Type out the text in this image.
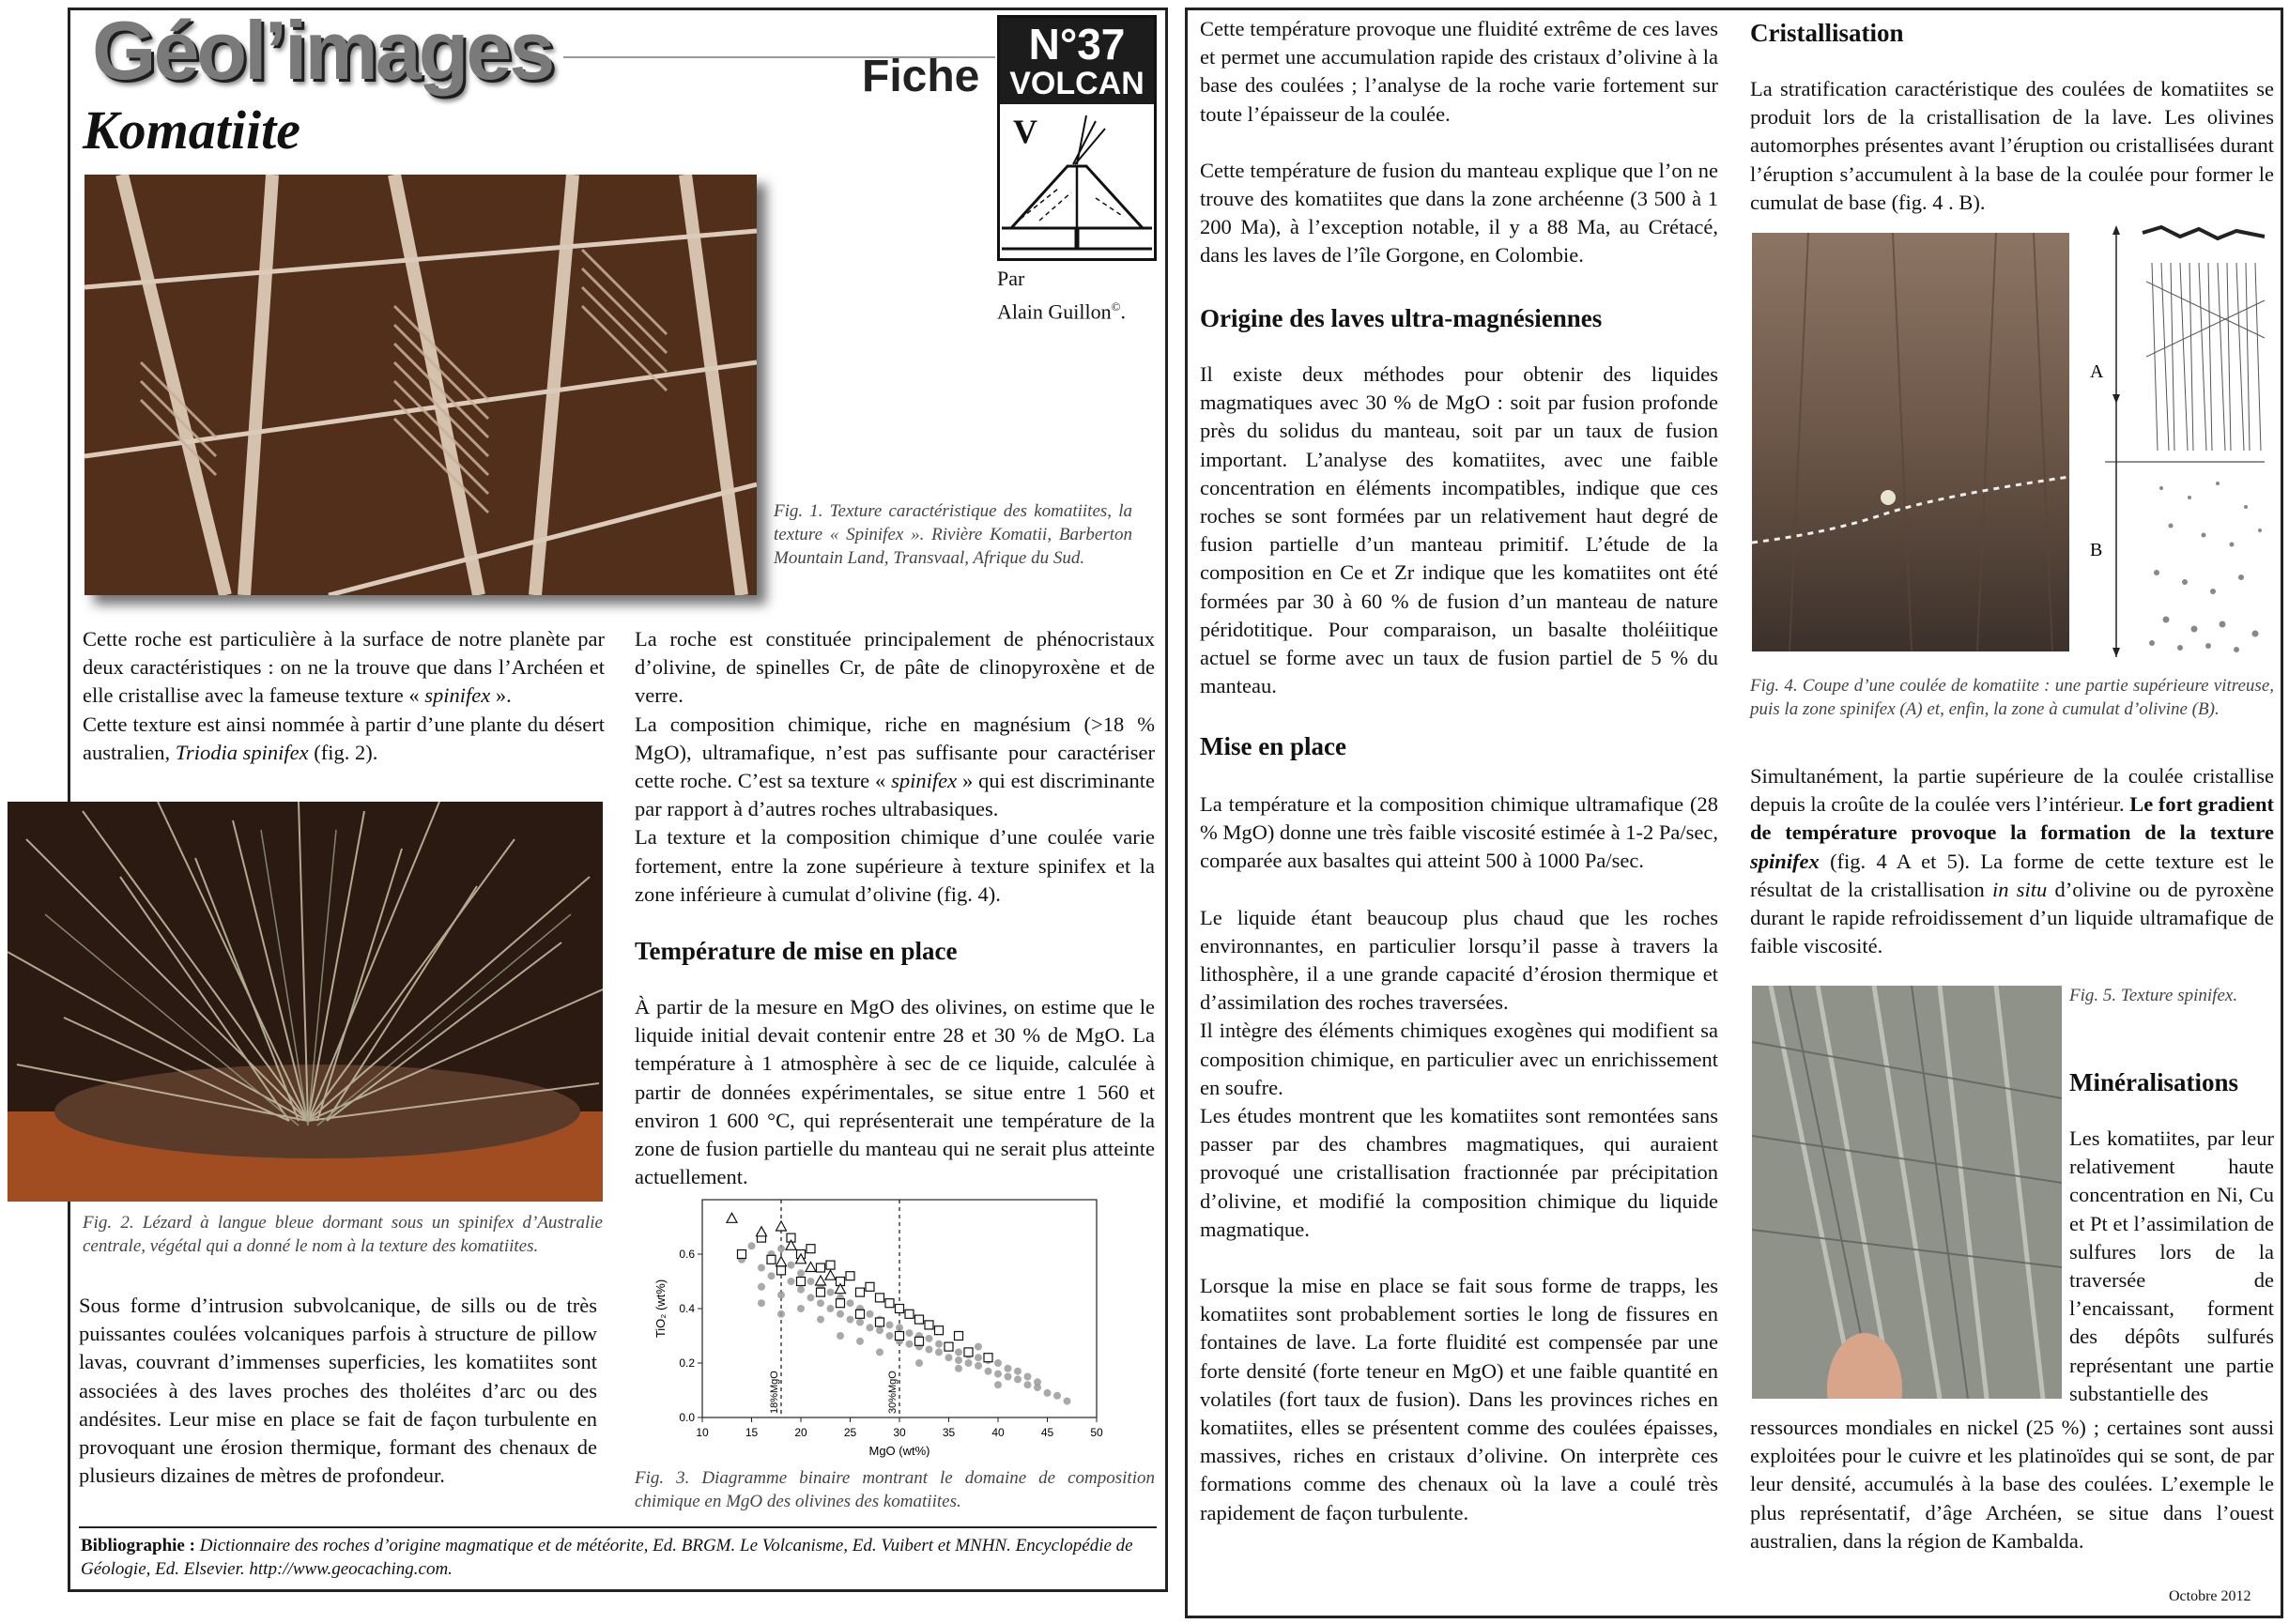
Géol’images	Fiche
N°37
VOLCAN
V
Par
Alain Guillon©.
Komatiite
Fig. 1. Texture caractéristique des komatiites, la texture « Spinifex ». Rivière Komatii, Barberton Mountain Land, Transvaal, Afrique du Sud.

Cette roche est particulière à la surface de notre planète par deux caractéristiques : on ne la trouve que dans l’Archéen et elle cristallise avec la fameuse texture « spinifex ».

Cette texture est ainsi nommée à partir d’une plante du désert australien, Triodia spinifex (fig. 2).

Fig. 2. Lézard à langue bleue dormant sous un spinifex d’Australie centrale, végétal qui a donné le nom à la texture des komatiites.

Sous forme d’intrusion subvolcanique, de sills ou de très puissantes coulées volcaniques parfois à structure de pillow lavas, couvrant d’immenses superficies, les komatiites sont associées à des laves proches des tholéites d’arc ou des andésites. Leur mise en place se fait de façon turbulente en provoquant une érosion thermique, formant des chenaux de plusieurs dizaines de mètres de profondeur.

La roche est constituée principalement de phénocristaux d’olivine, de spinelles Cr, de pâte de clinopyroxène et de verre.

La composition chimique, riche en magnésium (>18 % MgO), ultramafique, n’est pas suffisante pour caractériser cette roche. C’est sa texture « spinifex » qui est discriminante par rapport à d’autres roches ultrabasiques.

La texture et la composition chimique d’une coulée varie fortement, entre la zone supérieure à texture spinifex et la zone inférieure à cumulat d’olivine (fig. 4).

Température de mise en place

À partir de la mesure en MgO des olivines, on estime que le liquide initial devait contenir entre 28 et 30 % de MgO. La température à 1 atmosphère à sec de ce liquide, calculée à partir de données expérimentales, se situe entre 1 560 et environ 1 600 °C, qui représenterait une température de la zone de fusion partielle du manteau qui ne serait plus atteinte actuellement.

10	15	20	25	30	35	40	45	50
0.0
0.2
0.4
0.6
MgO (wt%)
TiO₂ (wt%)
18%MgO	30%MgO
Fig. 3. Diagramme binaire montrant le domaine de composition chimique en MgO des olivines des komatiites.
Bibliographie : Dictionnaire des roches d’origine magmatique et de météorite, Ed. BRGM. Le Volcanisme, Ed. Vuibert et MNHN. Encyclopédie de Géologie, Ed. Elsevier. http://www.geocaching.com.

Cette température provoque une fluidité extrême de ces laves et permet une accumulation rapide des cristaux d’olivine à la base des coulées ; l’analyse de la roche varie fortement sur toute l’épaisseur de la coulée.

Cette température de fusion du manteau explique que l’on ne trouve des komatiites que dans la zone archéenne (3 500 à 1 200 Ma), à l’exception notable, il y a 88 Ma, au Crétacé, dans les laves de l’île Gorgone, en Colombie.

Origine des laves ultra-magnésiennes

Il existe deux méthodes pour obtenir des liquides magmatiques avec 30 % de MgO : soit par fusion profonde près du solidus du manteau, soit par un taux de fusion important. L’analyse des komatiites, avec une faible concentration en éléments incompatibles, indique que ces roches se sont formées par un relativement haut degré de fusion partielle d’un manteau primitif. L’étude de la composition en Ce et Zr indique que les komatiites ont été formées par 30 à 60 % de fusion d’un manteau de nature péridotitique. Pour comparaison, un basalte tholéiitique actuel se forme avec un taux de fusion partiel de 5 % du manteau.

Mise en place

La température et la composition chimique ultramafique (28 % MgO) donne une très faible viscosité estimée à 1-2 Pa/sec, comparée aux basaltes qui atteint 500 à 1000 Pa/sec.

Le liquide étant beaucoup plus chaud que les roches environnantes, en particulier lorsqu’il passe à travers la lithosphère, il a une grande capacité d’érosion thermique et d’assimilation des roches traversées.

Il intègre des éléments chimiques exogènes qui modifient sa composition chimique, en particulier avec un enrichissement en soufre.

Les études montrent que les komatiites sont remontées sans passer par des chambres magmatiques, qui auraient provoqué une cristallisation fractionnée par précipitation d’olivine, et modifié la composition chimique du liquide magmatique.

Lorsque la mise en place se fait sous forme de trapps, les komatiites sont probablement sorties le long de fissures en fontaines de lave. La forte fluidité est compensée par une forte densité (forte teneur en MgO) et une faible quantité en volatiles (fort taux de fusion). Dans les provinces riches en komatiites, elles se présentent comme des coulées épaisses, massives, riches en cristaux d’olivine. On interprète ces formations comme des chenaux où la lave a coulé très rapidement de façon turbulente.

Cristallisation

La stratification caractéristique des coulées de komatiites se produit lors de la cristallisation de la lave. Les olivines automorphes présentes avant l’éruption ou cristallisées durant l’éruption s’accumulent à la base de la coulée pour former le cumulat de base (fig. 4 . B).

A
B
Fig. 4. Coupe d’une coulée de komatiite : une partie supérieure vitreuse, puis la zone spinifex (A) et, enfin, la zone à cumulat d’olivine (B).

Simultanément, la partie supérieure de la coulée cristallise depuis la croûte de la coulée vers l’intérieur. Le fort gradient de température provoque la formation de la texture spinifex (fig. 4 A et 5). La forme de cette texture est le résultat de la cristallisation in situ d’olivine ou de pyroxène durant le rapide refroidissement d’un liquide ultramafique de faible viscosité.

Fig. 5. Texture spinifex.
Minéralisations

Les komatiites, par leur relativement haute concentration en Ni, Cu et Pt et l’assimilation de sulfures lors de la traversée de l’encaissant, forment des dépôts sulfurés représentant une partie substantielle des

ressources mondiales en nickel (25 %) ; certaines sont aussi exploitées pour le cuivre et les platinoïdes qui se sont, de par leur densité, accumulés à la base des coulées. L’exemple le plus représentatif, d’âge Archéen, se situe dans l’ouest australien, dans la région de Kambalda.

Octobre 2012
